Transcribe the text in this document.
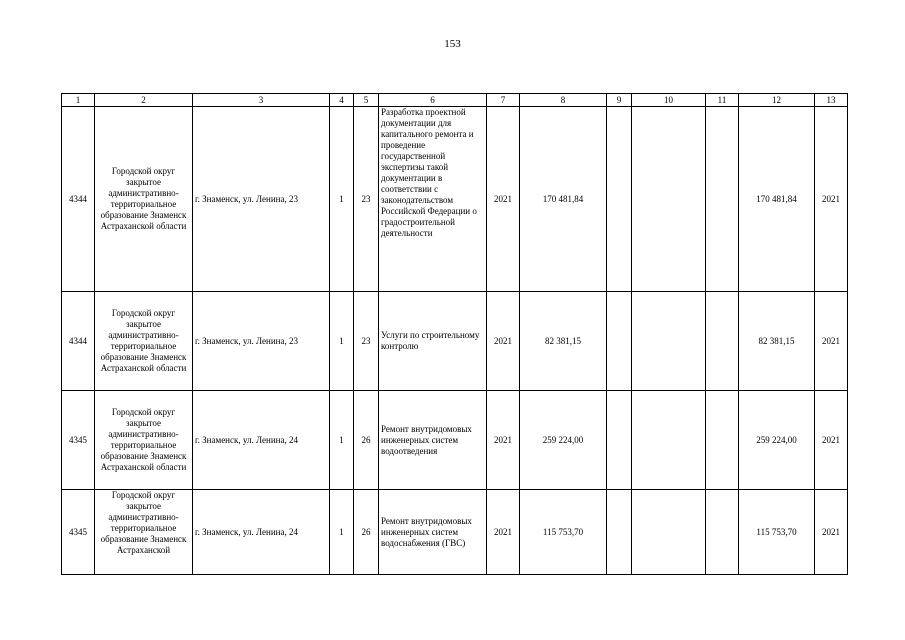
153
1	2	3	4	5	6	7	8	9	10	11	12	13
4344	Городской округ закрытое административно-территориальное образование Знаменск Астраханской области	г. Знаменск, ул. Ленина, 23	1	23	Разработка проектной документации для капитального ремонта и проведение государственной экспертизы такой документации в соответствии с законодательством Российской Федерации о градостроительной деятельности	2021	170 481,84				170 481,84	2021
4344	Городской округ закрытое административно-территориальное образование Знаменск Астраханской области	г. Знаменск, ул. Ленина, 23	1	23	Услуги по строительному контролю	2021	82 381,15				82 381,15	2021
4345	Городской округ закрытое административно-территориальное образование Знаменск Астраханской области	г. Знаменск, ул. Ленина, 24	1	26	Ремонт внутридомовых инженерных систем водоотведения	2021	259 224,00				259 224,00	2021
4345	Городской округ закрытое административно-территориальное образование Знаменск Астраханской	г. Знаменск, ул. Ленина, 24	1	26	Ремонт внутридомовых инженерных систем водоснабжения (ГВС)	2021	115 753,70				115 753,70	2021
